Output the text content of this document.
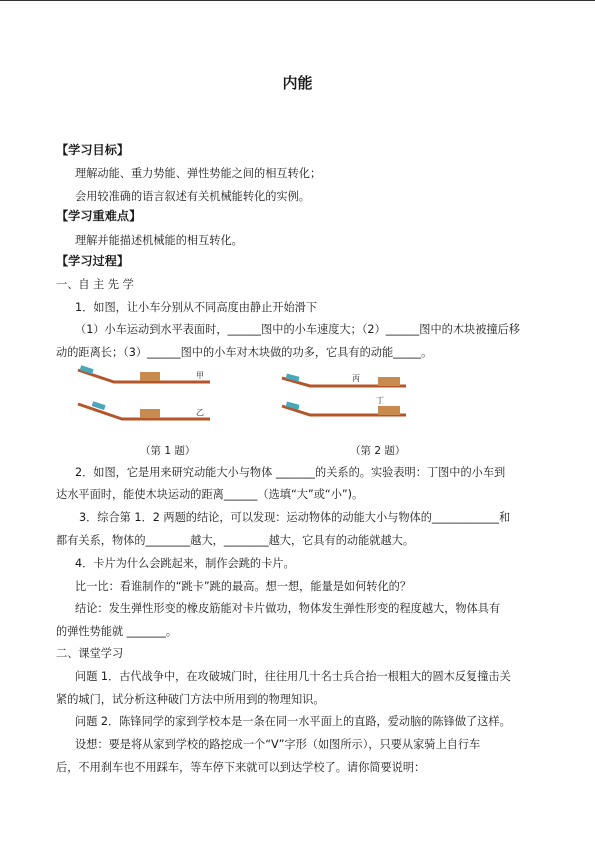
内能
【学习目标】
理解动能、重力势能、弹性势能之间的相互转化；
会用较准确的语言叙述有关机械能转化的实例。
【学习重难点】
理解并能描述机械能的相互转化。
【学习过程】
一、自 主 先 学
1．如图，让小车分别从不同高度由静止开始滑下
（1）小车运动到水平表面时，______图中的小车速度大；（2）______图中的木块被撞后移
动的距离长；（3）______图中的小车对木块做的功多，它具有的动能_____。
甲
乙
丙
丁
（第 1 题）	（第 2 题）
2．如图，它是用来研究动能大小与物体 _______的关系的。实验表明：丁图中的小车到
达水平面时，能使木块运动的距离______（选填“大”或“小”)。
3．综合第 1．2 两题的结论，可以发现：运动物体的动能大小与物体的____________和
都有关系，物体的________越大，________越大，它具有的动能就越大。
4．卡片为什么会跳起来，制作会跳的卡片。
比一比：看谁制作的“跳卡”跳的最高。想一想，能量是如何转化的？
结论：发生弹性形变的橡皮筋能对卡片做功，物体发生弹性形变的程度越大，物体具有
的弹性势能就 _______。
二、课堂学习
问题 1．古代战争中，在攻破城门时，往往用几十名士兵合抬一根粗大的圆木反复撞击关
紧的城门，试分析这种破门方法中所用到的物理知识。
问题 2．陈锋同学的家到学校本是一条在同一水平面上的直路，爱动脑的陈锋做了这样。
设想：要是将从家到学校的路挖成一个“V”字形（如图所示），只要从家骑上自行车
后，不用刹车也不用踩车，等车停下来就可以到达学校了。请你简要说明：
